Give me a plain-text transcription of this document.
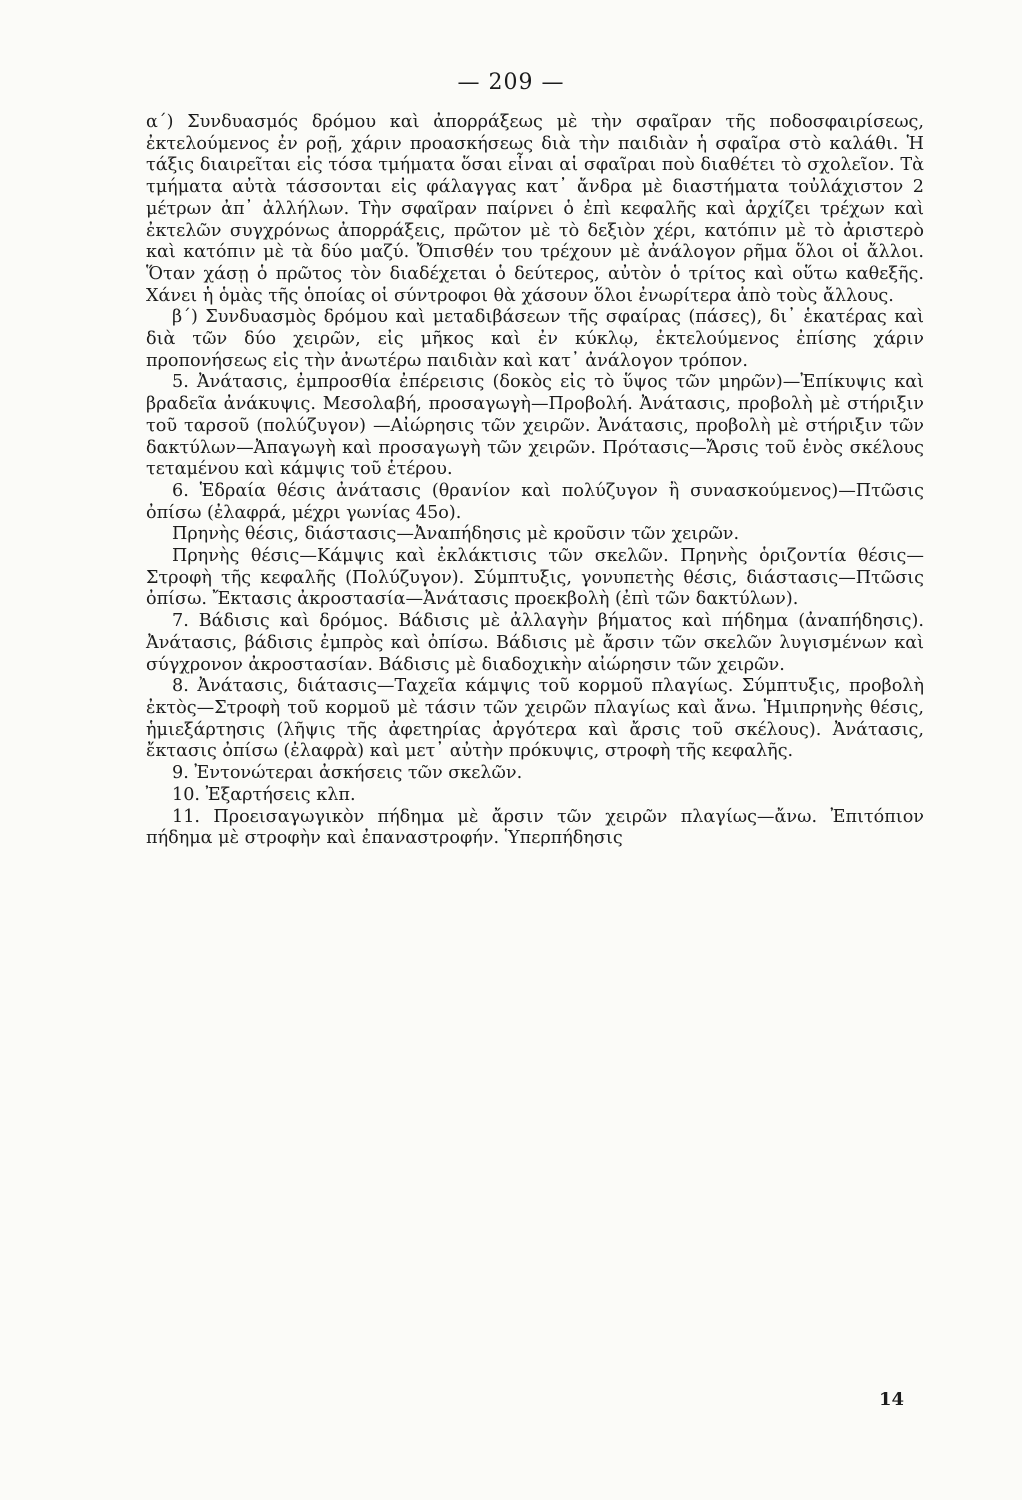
— 209 —

α΄) Συνδυασμός δρόμου καὶ ἀπορράξεως μὲ τὴν σφαῖραν τῆς ποδοσφαιρίσεως, ἐκτελούμενος ἐν ροῇ, χάριν προασκήσεως διὰ τὴν παιδιὰν ἡ σφαῖρα στὸ καλάθι. Ἡ τάξις διαιρεῖται εἰς τόσα τμήματα ὅσαι εἶναι αἱ σφαῖραι ποὺ διαθέτει τὸ σχολεῖον. Τὰ τμήματα αὐτὰ τάσσονται εἰς φάλαγγας κατ᾽ ἄνδρα μὲ διαστήματα τοὐλάχιστον 2 μέτρων ἀπ᾽ ἀλλήλων. Τὴν σφαῖραν παίρνει ὁ ἐπὶ κεφαλῆς καὶ ἀρχίζει τρέχων καὶ ἐκτελῶν συγχρόνως ἀπορράξεις, πρῶτον μὲ τὸ δεξιὸν χέρι, κατόπιν μὲ τὸ ἀριστερὸ καὶ κατόπιν μὲ τὰ δύο μαζύ. Ὄπισθέν του τρέχουν μὲ ἀνάλογον ρῆμα ὅλοι οἱ ἄλλοι. Ὅταν χάσῃ ὁ πρῶτος τὸν διαδέχεται ὁ δεύτερος, αὐτὸν ὁ τρίτος καὶ οὕτω καθεξῆς. Χάνει ἡ ὁμὰς τῆς ὁποίας οἱ σύντροφοι θὰ χάσουν ὅλοι ἐνωρίτερα ἀπὸ τοὺς ἄλλους.

β΄) Συνδυασμὸς δρόμου καὶ μεταδιβάσεων τῆς σφαίρας (πάσες), δι᾽ ἑκατέρας καὶ διὰ τῶν δύο χειρῶν, εἰς μῆκος καὶ ἐν κύκλῳ, ἐκτελούμενος ἐπίσης χάριν προπονήσεως εἰς τὴν ἀνωτέρω παιδιὰν καὶ κατ᾽ ἀνάλογον τρόπον.

5. Ἀνάτασις, ἐμπροσθία ἐπέρεισις (δοκὸς εἰς τὸ ὕψος τῶν μηρῶν)—Ἐπίκυψις καὶ βραδεῖα ἀνάκυψις. Μεσολαβή, προσαγωγὴ—Προβολή. Ἀνάτασις, προβολὴ μὲ στήριξιν τοῦ ταρσοῦ (πολύζυγον) —Αἰώρησις τῶν χειρῶν. Ἀνάτασις, προβολὴ μὲ στήριξιν τῶν δακτύλων—Ἀπαγωγὴ καὶ προσαγωγὴ τῶν χειρῶν. Πρότασις—Ἄρσις τοῦ ἑνὸς σκέλους τεταμένου καὶ κάμψις τοῦ ἑτέρου.

6. Ἑδραία θέσις ἀνάτασις (θρανίον καὶ πολύζυγον ἢ συνασκούμενος)—Πτῶσις ὀπίσω (ἐλαφρά, μέχρι γωνίας 45ο).

Πρηνὴς θέσις, διάστασις—Ἀναπήδησις μὲ κροῦσιν τῶν χειρῶν.

Πρηνὴς θέσις—Κάμψις καὶ ἐκλάκτισις τῶν σκελῶν. Πρηνὴς ὁριζοντία θέσις—Στροφὴ τῆς κεφαλῆς (Πολύζυγον). Σύμπτυξις, γονυπετὴς θέσις, διάστασις—Πτῶσις ὀπίσω. Ἔκτασις ἀκροστασία—Ἀνάτασις προεκβολὴ (ἐπὶ τῶν δακτύλων).

7. Βάδισις καὶ δρόμος. Βάδισις μὲ ἀλλαγὴν βήματος καὶ πήδημα (ἀναπήδησις). Ἀνάτασις, βάδισις ἐμπρὸς καὶ ὀπίσω. Βάδισις μὲ ἄρσιν τῶν σκελῶν λυγισμένων καὶ σύγχρονον ἀκροστασίαν. Βάδισις μὲ διαδοχικὴν αἰώρησιν τῶν χειρῶν.

8. Ἀνάτασις, διάτασις—Ταχεῖα κάμψις τοῦ κορμοῦ πλαγίως. Σύμπτυξις, προβολὴ ἐκτὸς—Στροφὴ τοῦ κορμοῦ μὲ τάσιν τῶν χειρῶν πλαγίως καὶ ἄνω. Ἡμιπρηνὴς θέσις, ἡμιεξάρτησις (λῆψις τῆς ἀφετηρίας ἀργότερα καὶ ἄρσις τοῦ σκέλους). Ἀνάτασις, ἔκτασις ὀπίσω (ἐλαφρὰ) καὶ μετ᾽ αὐτὴν πρόκυψις, στροφὴ τῆς κεφαλῆς.

9. Ἐντονώτεραι ἀσκήσεις τῶν σκελῶν.

10. Ἐξαρτήσεις κλπ.

11. Προεισαγωγικὸν πήδημα μὲ ἄρσιν τῶν χειρῶν πλαγίως—ἄνω. Ἐπιτόπιον πήδημα μὲ στροφὴν καὶ ἐπαναστροφήν. Ὑπερπήδησις

14
